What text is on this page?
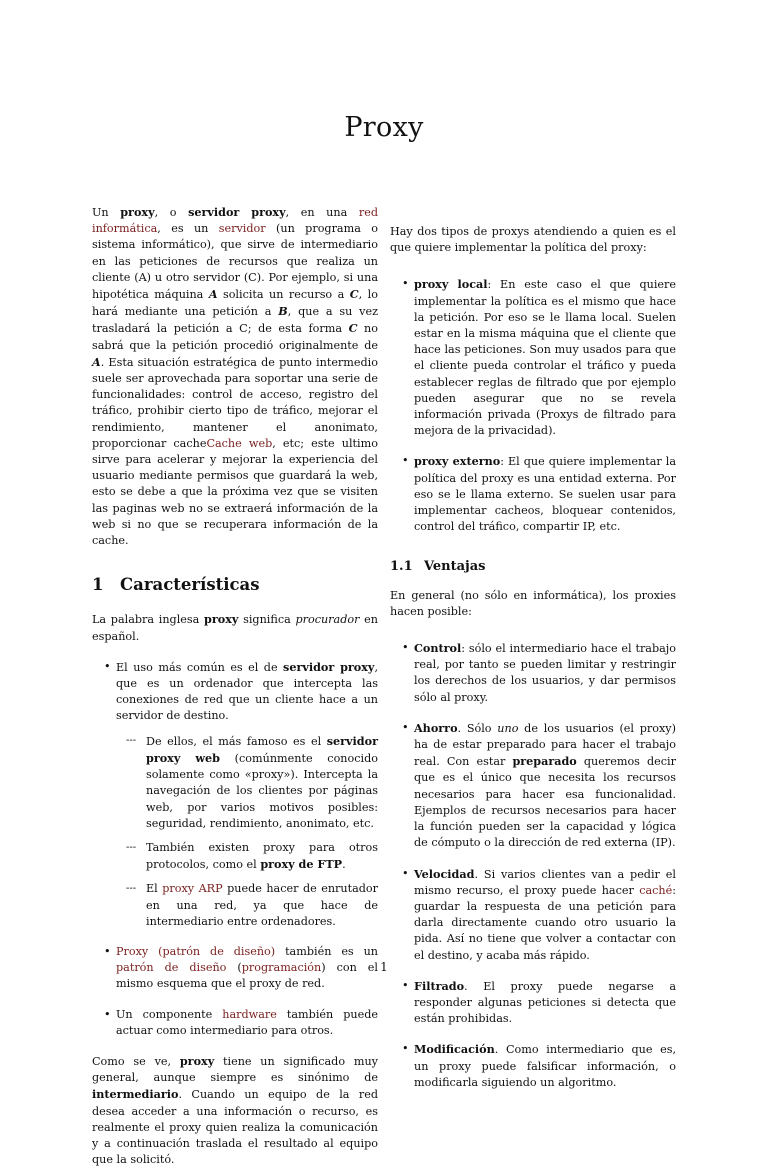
Proxy

Un proxy, o servidor proxy, en una red informática, es un servidor (un programa o sistema informático), que sirve de intermediario en las peticiones de recursos que realiza un cliente (A) u otro servidor (C). Por ejemplo, si una hipotética máquina A solicita un recurso a C, lo hará mediante una petición a B, que a su vez trasladará la petición a C; de esta forma C no sabrá que la petición procedió originalmente de A. Esta situación estratégica de punto intermedio suele ser aprovechada para soportar una serie de funcionalidades: control de acceso, registro del tráfico, prohibir cierto tipo de tráfico, mejorar el rendimiento, mantener el anonimato, proporcionar cacheCache web, etc; este ultimo sirve para acelerar y mejorar la experiencia del usuario mediante permisos que guardará la web, esto se debe a que la próxima vez que se visiten las paginas web no se extraerá información de la web si no que se recuperara información de la cache.

1 Características

La palabra inglesa proxy significa procurador en español.

• El uso más común es el de servidor proxy, que es un ordenador que intercepta las conexiones de red que un cliente hace a un servidor de destino.
--- De ellos, el más famoso es el servidor proxy web (comúnmente conocido solamente como «proxy»). Intercepta la navegación de los clientes por páginas web, por varios motivos posibles: seguridad, rendimiento, anonimato, etc.
--- También existen proxy para otros protocolos, como el proxy de FTP.
--- El proxy ARP puede hacer de enrutador en una red, ya que hace de intermediario entre ordenadores.
• Proxy (patrón de diseño) también es un patrón de diseño (programación) con el mismo esquema que el proxy de red.
• Un componente hardware también puede actuar como intermediario para otros.

Como se ve, proxy tiene un significado muy general, aunque siempre es sinónimo de intermediario. Cuando un equipo de la red desea acceder a una información o recurso, es realmente el proxy quien realiza la comunicación y a continuación traslada el resultado al equipo que la solicitó.

Hay dos tipos de proxys atendiendo a quien es el que quiere implementar la política del proxy:

• proxy local: En este caso el que quiere implementar la política es el mismo que hace la petición. Por eso se le llama local. Suelen estar en la misma máquina que el cliente que hace las peticiones. Son muy usados para que el cliente pueda controlar el tráfico y pueda establecer reglas de filtrado que por ejemplo pueden asegurar que no se revela información privada (Proxys de filtrado para mejora de la privacidad).
• proxy externo: El que quiere implementar la política del proxy es una entidad externa. Por eso se le llama externo. Se suelen usar para implementar cacheos, bloquear contenidos, control del tráfico, compartir IP, etc.
1.1 Ventajas

En general (no sólo en informática), los proxies hacen posible:

• Control: sólo el intermediario hace el trabajo real, por tanto se pueden limitar y restringir los derechos de los usuarios, y dar permisos sólo al proxy.
• Ahorro. Sólo uno de los usuarios (el proxy) ha de estar preparado para hacer el trabajo real. Con estar preparado queremos decir que es el único que necesita los recursos necesarios para hacer esa funcionalidad. Ejemplos de recursos necesarios para hacer la función pueden ser la capacidad y lógica de cómputo o la dirección de red externa (IP).
• Velocidad. Si varios clientes van a pedir el mismo recurso, el proxy puede hacer caché: guardar la respuesta de una petición para darla directamente cuando otro usuario la pida. Así no tiene que volver a contactar con el destino, y acaba más rápido.
• Filtrado. El proxy puede negarse a responder algunas peticiones si detecta que están prohibidas.
• Modificación. Como intermediario que es, un proxy puede falsificar información, o modificarla siguiendo un algoritmo.
1
